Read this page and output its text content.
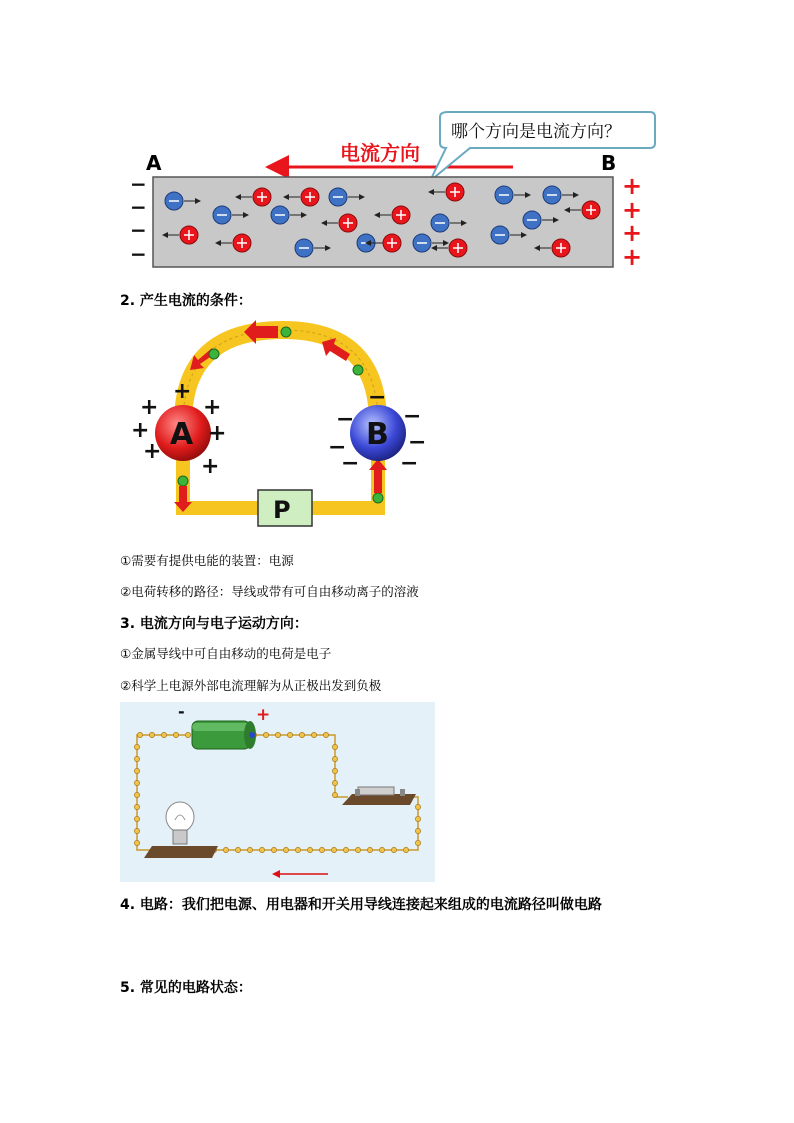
A	B
电流方向
哪个方向是电流方向？
−
−
−
−
+
+
+
+
2. 产生电流的条件：
A	B
+
+ +
+	+
+
+
−
− −
−	−
− −
P
①需要有提供电能的装置：电源
②电荷转移的路径：导线或带有可自由移动离子的溶液
3. 电流方向与电子运动方向：
①金属导线中可自由移动的电荷是电子
②科学上电源外部电流理解为从正极出发到负极
-	+
4. 电路：我们把电源、用电器和开关用导线连接起来组成的电流路径叫做电路
5. 常见的电路状态：
